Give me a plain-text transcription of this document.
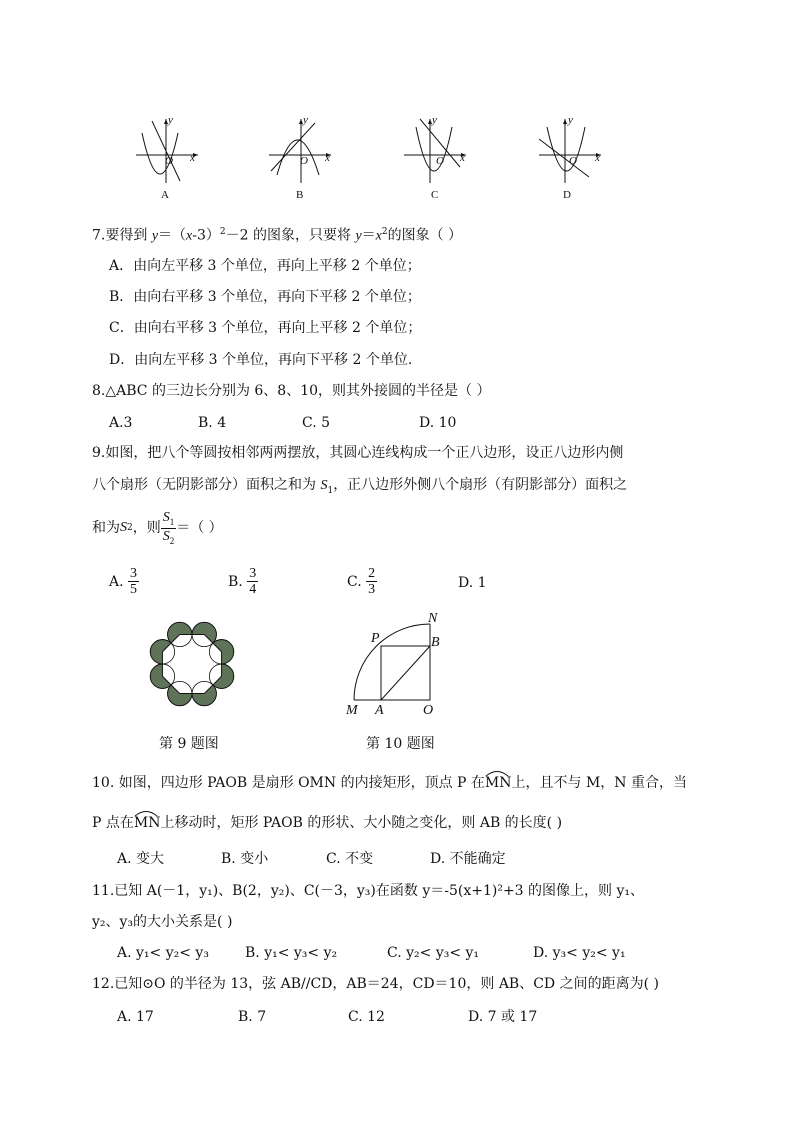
y
x
O
A
y
x
O
B
y
x
O
C
y
x
O
D
7.要得到 $y=(x-3)^2-2$ 的图象，只要将 $y=x^2$的图象（ ）
A．由向左平移 3 个单位，再向上平移 2 个单位；
B．由向右平移 3 个单位，再向下平移 2 个单位；
C．由向右平移 3 个单位，再向上平移 2 个单位；
D．由向左平移 3 个单位，再向下平移 2 个单位.
8.△ABC 的三边长分别为 6、8、10，则其外接圆的半径是（ ）
A.3	B. 4	C. 5	D. 10
9.如图，把八个等圆按相邻两两摆放，其圆心连线构成一个正八边形，设正八边形内侧
八个扇形（无阴影部分）面积之和为 $S_1$，正八边形外侧八个扇形（有阴影部分）面积之
和为 S 2 ，则 $\frac{S_1}{S_2}$ ＝（ ）
A.
$\frac{3}{5}$	B.
$\frac{3}{4}$	C.
$\frac{2}{3}$	D. 1
第 9 题图
N
P	B
M A	O
第 10 题图
10. 如图，四边形 PAOB 是扇形 OMN 的内接矩形，顶点 P 在
MN上，且不与 M，N 重合，当
P 点在
MN上移动时，矩形 PAOB 的形状、大小随之变化，则 AB 的长度( )
A. 变大	B. 变小	C. 不变	D. 不能确定
11.已知 A(－1，y₁)、B(2，y₂)、C(－3，y₃)在函数 y＝-5(x+1)²+3 的图像上，则 y₁、
y₂、y₃的大小关系是( )
A. y₁< y₂< y₃	B. y₁< y₃< y₂	C. y₂< y₃< y₁	D. y₃< y₂< y₁
12.已知⊙O 的半径为 13，弦 AB//CD，AB＝24，CD＝10，则 AB、CD 之间的距离为( )
A. 17	B. 7	C. 12	D. 7 或 17
